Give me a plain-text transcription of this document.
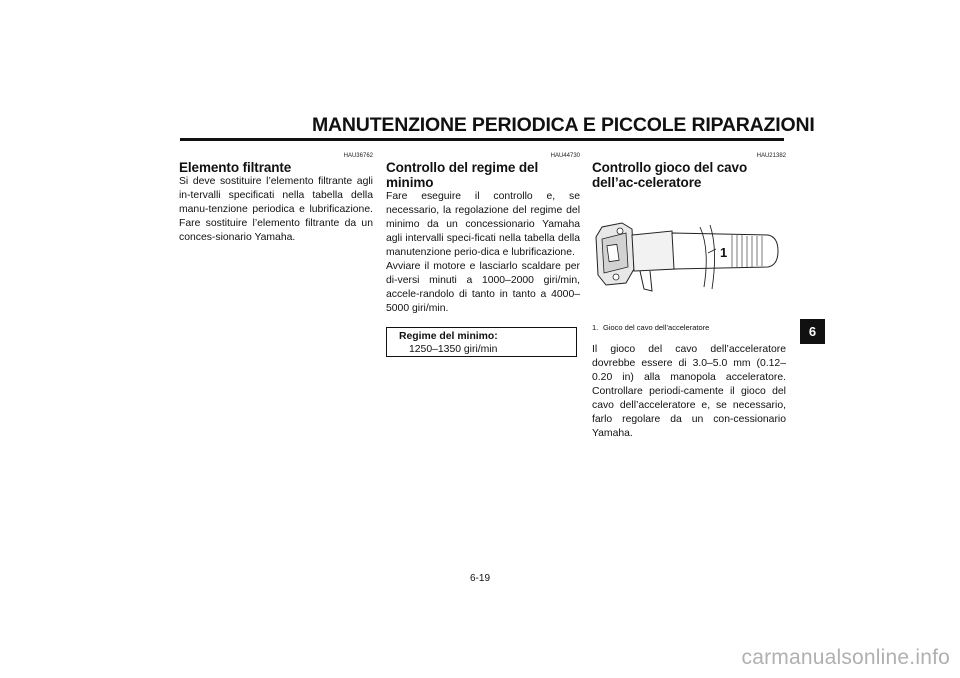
MANUTENZIONE PERIODICA E PICCOLE RIPARAZIONI
HAU36762
Elemento filtrante

Si deve sostituire l’elemento filtrante agli in-tervalli specificati nella tabella della manu-tenzione periodica e lubrificazione. Fare sostituire l’elemento filtrante da un conces-sionario Yamaha.

HAU44730
Controllo del regime del minimo

Fare eseguire il controllo e, se necessario, la regolazione del regime del minimo da un concessionario Yamaha agli intervalli speci-ficati nella tabella della manutenzione perio-dica e lubrificazione.

Avviare il motore e lasciarlo scaldare per di-versi minuti a 1000–2000 giri/min, accele-randolo di tanto in tanto a 4000–5000 giri/min.

Regime del minimo:
1250–1350 giri/min
HAU21382
Controllo gioco del cavo dell’ac-celeratore
1
1. Gioco del cavo dell’acceleratore

Il gioco del cavo dell’acceleratore dovrebbe essere di 3.0–5.0 mm (0.12–0.20 in) alla manopola acceleratore. Controllare periodi-camente il gioco del cavo dell’acceleratore e, se necessario, farlo regolare da un con-cessionario Yamaha.

6
6-19
carmanualsonline.info
